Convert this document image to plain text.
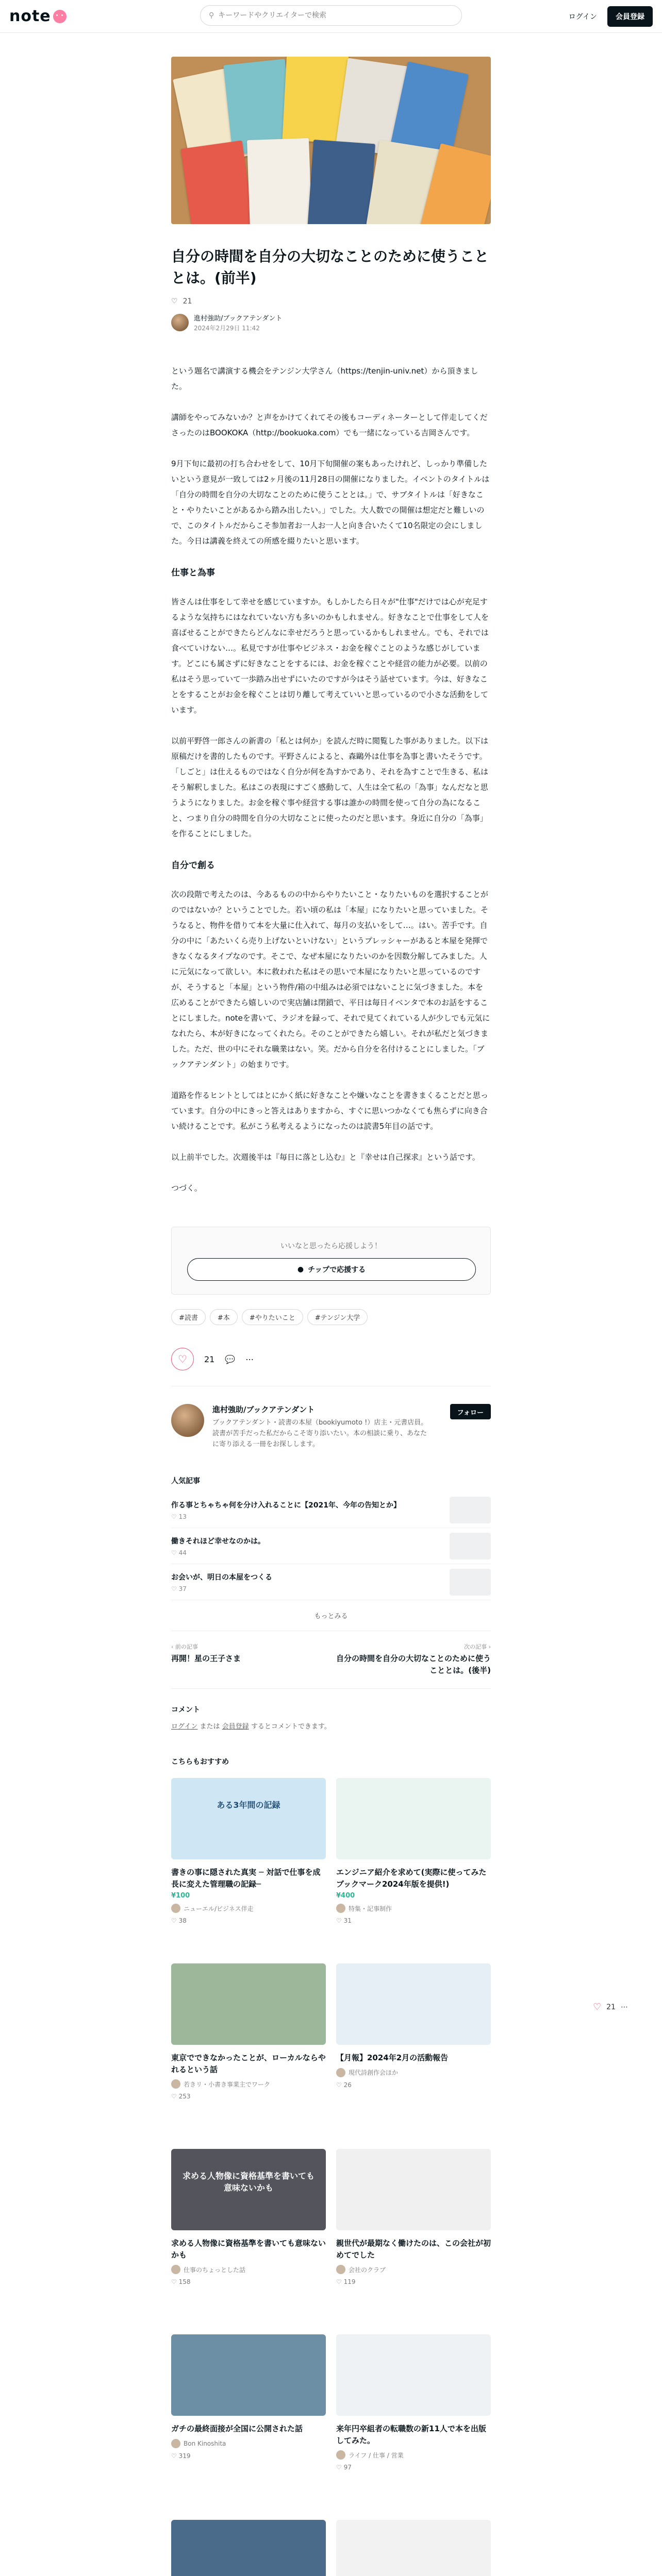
note	⚲
キーワードやクリエイターで検索	ログイン	会員登録
自分の時間を自分の大切なことのために使うこととは。(前半)
♡ 21
進村強助/ブックアテンダント
2024年2月29日 11:42

という題名で講演する機会をテンジン大学さん（https://tenjin-univ.net）から頂きました。

講師をやってみないか？と声をかけてくれてその後もコーディネーターとして伴走してくださったのはBOOKOKA（http://bookuoka.com）でも一緒になっている吉岡さんです。

9月下旬に最初の打ち合わせをして、10月下旬開催の案もあったけれど、しっかり準備したいという意見が一致しては2ヶ月後の11月28日の開催になりました。イベントのタイトルは「自分の時間を自分の大切なことのために使うこととは。」で、サブタイトルは「好きなこと・やりたいことがあるから踏み出したい。」でした。大人数での開催は想定だと難しいので、このタイトルだからこそ参加者お一人お一人と向き合いたくて10名限定の会にしました。今日は講義を終えての所感を綴りたいと思います。

仕事と為事

皆さんは仕事をして幸せを感じていますか。もしかしたら日々が"仕事"だけでは心が充足するような気持ちにはなれていない方も多いのかもしれません。好きなことで仕事をして人を喜ばせることができたらどんなに幸せだろうと思っているかもしれません。でも、それでは食べていけない…。私見ですが仕事やビジネス・お金を稼ぐことのような感じがしています。どこにも属さずに好きなことをするには、お金を稼ぐことや経営の能力が必要。以前の私はそう思っていて一歩踏み出せずにいたのですが今はそう話せています。今は、好きなことをすることがお金を稼ぐことは切り離して考えていいと思っているので小さな活動をしています。

以前平野啓一郎さんの新書の「私とは何か」を読んだ時に閲覧した事がありました。以下は原稿だけを書的したものです。平野さんによると、森鷗外は仕事を為事と書いたそうです。「しごと」は仕えるものではなく自分が何を為すかであり、それを為すことで生きる、私はそう解釈しました。私はこの表現にすごく感動して、人生は全て私の「為事」なんだなと思うようになりました。お金を稼ぐ事や経営する事は誰かの時間を使って自分の為になること、つまり自分の時間を自分の大切なことに使ったのだと思います。身近に自分の「為事」を作ることにしました。

自分で創る

次の段階で考えたのは、今あるものの中からやりたいこと・なりたいものを選択することがのではないか？ということでした。若い頃の私は「本屋」になりたいと思っていました。そうなると、物件を借りて本を大量に仕入れて、毎月の支払いをして…。はい。苦手です。自分の中に「あたいくら売り上げないといけない」というプレッシャーがあると本屋を発揮できなくなるタイプなのです。そこで、なぜ本屋になりたいのかを因数分解してみました。人に元気になって欲しい。本に救われた私はその思いで本屋になりたいと思っているのですが、そうすると「本屋」という物件/箱の中組みは必須ではないことに気づきました。本を広めることができたら嬉しいので実店舗は閉鎖で、平日は毎日イベンタで本のお話をすることにしました。noteを書いて、ラジオを録って、それで見てくれている人が少しでも元気になれたら、本が好きになってくれたら。そのことができたら嬉しい。それが私だと気づきました。ただ、世の中にそれな職業はない。笑。だから自分を名付けることにしました。「ブックアテンダント」の始まりです。

道路を作るヒントとしてはとにかく紙に好きなことや嫌いなことを書きまくることだと思っています。自分の中にきっと答えはありますから、すぐに思いつかなくても焦らずに向き合い続けることです。私がこう私考えるようになったのは読書5年目の話です。

以上前半でした。次週後半は『毎日に落とし込む』と『幸せは自己探求』という話です。

つづく。

いいなと思ったら応援しよう！
● チップで応援する
#読書	#本	#やりたいこと	#テンジン大学
♡ 21 💬 ⋯
進村強助/ブックアテンダント
ブックアテンダント・読書の本屋（bookiyumoto !）店主・元書店員。読書が苦手だった私だからこそ寄り添いたい。本の相談に乗り、あなたに寄り添える一冊をお探しします。
フォロー
人気記事
作る事とちゃちゃ何を分け入れることに【2021年、今年の告知とか】
♡ 13
働きそれほど幸せなのかは。
♡ 44
お会いが、明日の本屋をつくる
♡ 37
もっとみる
‹ 前の記事
再開！星の王子さま
次の記事 ›
自分の時間を自分の大切なことのために使うこととは。(後半)
コメント
ログイン または 会員登録 するとコメントできます。
こちらもおすすめ
ある3年間の記録
書きの事に隠された真実 ─ 対話で仕事を成長に変えた管理職の記録─
¥100
ニューエル/ビジネス伴走
♡ 38
エンジニア紹介を求めて(実際に使ってみたブックマーク2024年版を提供!)
¥400
特集・記事制作
♡ 31
東京でできなかったことが、ローカルならやれるという話
若きリ・小書き事業主でワーク
♡ 253
【月報】2024年2月の活動報告
現代詩創作会ほか
♡ 26
求める人物像に資格基準を書いても意味ないかも
求める人物像に資格基準を書いても意味ないかも
仕事のちょっとした話
♡ 158
親世代が最期なく働けたのは、この会社が初めてでした
会社のクラブ
♡ 119
ガチの最終面接が全国に公開された話
Bon Kinoshita
♡ 319
来年円卒組者の転職数の新11人で本を出版してみた。
ライフ / 仕事 / 営業
♡ 97
♡ 21 ⋯
